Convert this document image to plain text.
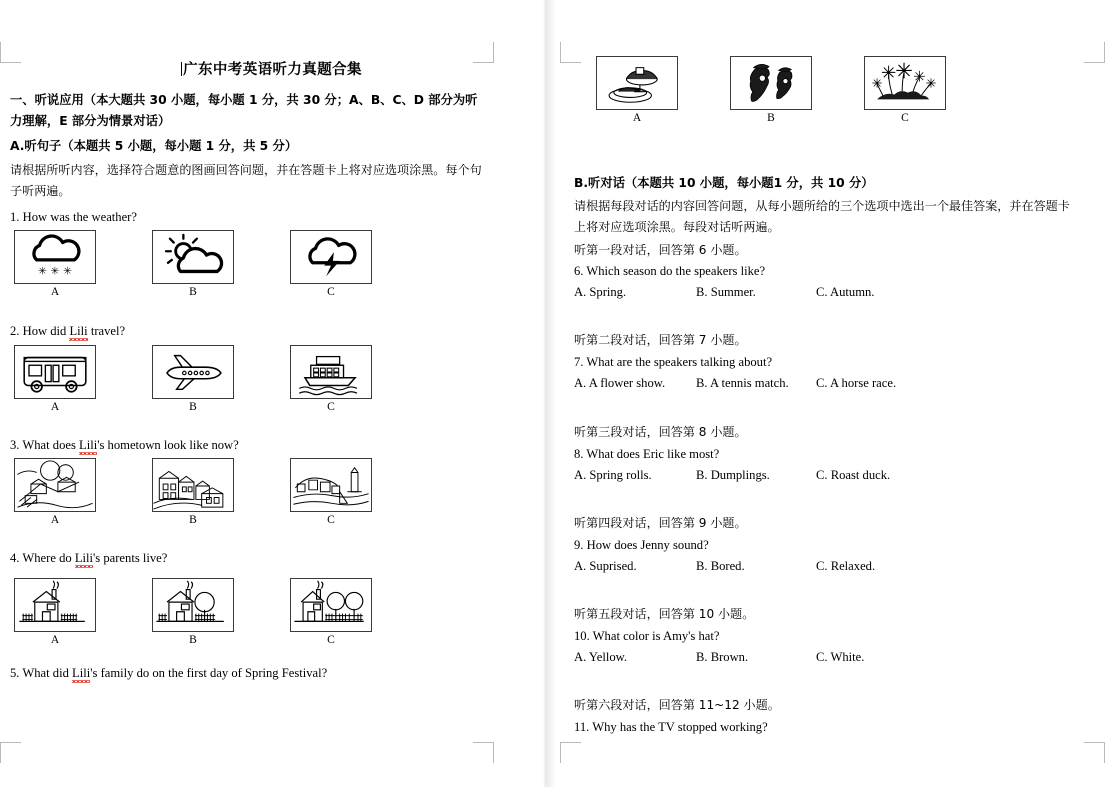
广东中考英语听力真题合集
一、听说应用（本大题共 30 小题，每小题 1 分，共 30 分；A、B、C、D 部分为听力理解，E 部分为情景对话）
A.听句子（本题共 5 小题，每小题 1 分，共 5 分）
请根据所听内容，选择符合题意的图画回答问题，并在答题卡上将对应选项涂黑。每个句子听两遍。
1. How was the weather?
✳ ✳ ✳
A	B	C
2. How did Lili travel?
A	B	C
3. What does Lili's hometown look like now?
A	B	C
4. Where do Lili's parents live?
A	B	C
5. What did Lili's family do on the first day of Spring Festival?
A	B	C
B.听对话（本题共 10 小题，每小题1 分，共 10 分）
请根据每段对话的内容回答问题，从每小题所给的三个选项中选出一个最佳答案，并在答题卡上将对应选项涂黑。每段对话听两遍。
听第一段对话，回答第 6 小题。
6. Which season do the speakers like?
A. Spring.	B. Summer.	C. Autumn.
听第二段对话，回答第 7 小题。
7. What are the speakers talking about?
A. A flower show. B. A tennis match. C. A horse race.
听第三段对话，回答第 8 小题。
8. What does Eric like most?
A. Spring rolls.	B. Dumplings.	C. Roast duck.
听第四段对话，回答第 9 小题。
9. How does Jenny sound?
A. Suprised.	B. Bored.	C. Relaxed.
听第五段对话，回答第 10 小题。
10. What color is Amy's hat?
A. Yellow.	B. Brown.	C. White.
听第六段对话，回答第 11~12 小题。
11. Why has the TV stopped working?
